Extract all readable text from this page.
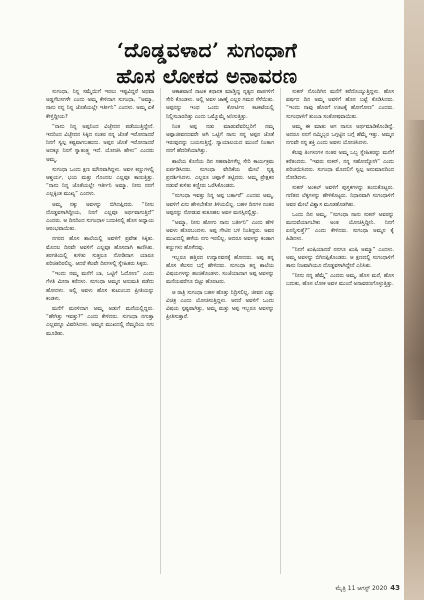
‘ದೊಡ್ಡವಳಾದ’ ಸುಗಂಧಾಗೆ
ಹೊಸ ಲೋಕದ ಅನಾವರಣ

ಸುಗಂಧಾ, ನಿನ್ನ ಸಮ್ಮೆಯಿಗೆ ಇರಲು ಇಷ್ಟವಿದ್ದರೆ ಅಥವಾ ಅಡ್ಡಗೆಲಸಗಳೇ ಎಂದು ಅಮ್ಮ ಕೇಳಿದಾಗ ಸುಗಂಧಾ, “ಅಮ್ಮಾ, ನಾನು ನನ್ನ ನಿನ್ನ ಜೊತೆಯಲ್ಲೇ ಇರ್ತೀನಿ” ಎಂದಳು. ಅಮ್ಮ ಏಕೆ ಕೇಳ್ತಿದ್ದೀಯ?

“ನಾನು ನಿನ್ನ ಅಪ್ಪನಿಂದ ವಿಚ್ಛೇದನ ಪಡೆಯುತ್ತಿದ್ದೇನೆ. ಇದರಿಂದ ವಿಚ್ಛೇದನ ಸಿಕ್ಕಿದ ನಂತರ ನನ್ನ ಜೊತೆ ಇರೋದಾದರೆ ನಿನಗೆ ಸ್ವಲ್ಪ ಕಷ್ಟವಾಗಬಹುದು. ಅಪ್ಪನ ಜೊತೆ ಇರೋದಾದರೆ ಅದಕ್ಕೂ ನಿನಗೆ ಸ್ವಾತಂತ್ರ್ಯ ಇದೆ. ಯೋಚಿಸಿ ಹೇಳು” ಎಂದರು ಅಮ್ಮ.

ಸುಗಂಧಾ ಒಂದು ಕ್ಷಣ ಮೌನವಾಗಿದ್ದಳು. ಅವಳ ಕಣ್ಣುಗಳಲ್ಲಿ ಆಶ್ಚರ್ಯ, ಭಯ ಮತ್ತು ಗೊಂದಲ ಎಲ್ಲವೂ ಕಾಣುತ್ತಿತ್ತು. “ನಾನು ನಿನ್ನ ಜೊತೆಯಲ್ಲೇ ಇರ್ತೀನಿ ಅಮ್ಮಾ. ನೀನು ನನಗೆ ಎಲ್ಲಕ್ಕಿಂತ ಮುಖ್ಯ” ಎಂದಳು.

ಅಮ್ಮ ನಕ್ಕು ಅವಳನ್ನು ಬಿಗಿದಪ್ಪಿದರು. “ನೀನು ದೊಡ್ಡವಳಾಗಿದ್ದೀಯ, ನಿನಗೆ ಎಲ್ಲವೂ ಅರ್ಥವಾಗುತ್ತಿದೆ” ಎಂದರು. ಆ ದಿನದಿಂದ ಸುಗಂಧಾಳ ಬದುಕಿನಲ್ಲಿ ಹೊಸ ಅಧ್ಯಾಯ ಆರಂಭವಾಯಿತು.

ನಗರದ ಹೊಸ ಶಾಲೆಯಲ್ಲಿ ಅವಳಿಗೆ ಪ್ರವೇಶ ಸಿಕ್ಕಿತು. ಮೊದಲ ದಿನವೇ ಅವಳಿಗೆ ಎಲ್ಲವೂ ಹೊಸದಾಗಿ ಕಾಣಿಸಿತು. ತರಗತಿಯಲ್ಲಿ ಕುಳಿತು ಸುತ್ತಲೂ ನೋಡಿದಾಗ ಯಾರೂ ಪರಿಚಿತರಿರಲಿಲ್ಲ. ಆದರೆ ಕೆಲವೇ ದಿನಗಳಲ್ಲಿ ಸ್ನೇಹಿತರು ಸಿಕ್ಕರು.

“ಇಂದು ನಮ್ಮ ಮನೆಗೆ ಬಾ, ಒಟ್ಟಿಗೆ ಓದೋಣ” ಎಂದು ಗೆಳತಿ ಮೀನಾ ಕರೆದಳು. ಸುಗಂಧಾ ಅಮ್ಮನ ಅನುಮತಿ ಪಡೆದು ಹೋದಳು. ಅಲ್ಲಿ ಅವಳು ಹೊಸ ಕುಟುಂಬದ ಪ್ರೀತಿಯನ್ನು ಕಂಡಳು.

ಮನೆಗೆ ಮರಳಿದಾಗ ಅಮ್ಮ ಅಡುಗೆ ಮನೆಯಲ್ಲಿದ್ದರು. “ಹೇಗಿತ್ತು ಇವತ್ತು?” ಎಂದು ಕೇಳಿದರು. ಸುಗಂಧಾ ನಗುತ್ತಾ ಎಲ್ಲವನ್ನೂ ವಿವರಿಸಿದಳು. ಅಮ್ಮನ ಮುಖದಲ್ಲಿ ನೆಮ್ಮದಿಯ ನಗು ಮೂಡಿತು.

ಆಕಾಶವಾಣಿ ನಾಟಕ ಕಥಾನಕ ಮಾಡ್ತಿದ್ದ ನೃತ್ಯದ ಪಾಠಗಳಿಗೆ ಸೇರಿ ಕೊಂಡಳು. ಅಲ್ಲಿ ಅವಳ ಜಾಣ್ಮೆ ಎಲ್ಲರ ಗಮನ ಸೆಳೆಯಿತು. ಅಪ್ಪನನ್ನು ಇಂಥ ಒಂದು ಕೋರ್ಟಿನ ಕಟಕಟೆಯಲ್ಲಿ ನಿಲ್ಲಿಸಬಾರದಿತ್ತು ಎಂದು ಒಮ್ಮೊಮ್ಮೆ ಅನಿಸುತ್ತಿತ್ತು.

ನಿಂತ ಅಪ್ಪ ನಡು ಮಾಡುವೆವರಿಬ್ಬರಿಗೆ ನಮ್ಮ ಅಪ್ಪಾಜೀವನದವರೇ ಆಗಿ ಒಟ್ಟಿಗೆ ನಾನು ನನ್ನ ಅಪ್ಪನ ಜೊತೆ ಇರುವುದನ್ನು ಬಯಸುತ್ತಿದ್ದೆ. ನ್ಯಾಯಾಲಯದ ಮುಂದೆ ನಿಂತಾಗ ನನಗೆ ಹೆದರಿಕೆಯಾಗಿತ್ತು.

ಶಾಲೆಯ ಕೊನೆಯ ದಿನ ಸಹಪಾಠಿಗಳೆಲ್ಲ ಸೇರಿ ಕಾರ್ಯಕ್ರಮ ಏರ್ಪಡಿಸಿದರು. ಸುಗಂಧಾ ವೇದಿಕೆಯ ಮೇಲೆ ನೃತ್ಯ ಪ್ರದರ್ಶಿಸಿದಳು. ಎಲ್ಲರೂ ಚಪ್ಪಾಳೆ ತಟ್ಟಿದರು. ಅಮ್ಮ ಪ್ರೇಕ್ಷಕರ ನಡುವೆ ಕುಳಿತು ಕಣ್ಣೀರು ಒರೆಸಿಕೊಂಡರು.

“ಸುಗಂಧಾ ಇವತ್ತು ನಿನ್ನ ಅಪ್ಪ ಬರ್ತಾರೆ” ಎಂದರು ಅಮ್ಮ. ಅವಳಿಗೆ ಏನು ಹೇಳಬೇಕೋ ತಿಳಿಯಲಿಲ್ಲ. ಬಹಳ ದಿನಗಳ ನಂತರ ಅಪ್ಪನನ್ನು ನೋಡುವ ಕುತೂಹಲ ಅವಳ ಮನಸ್ಸಿನಲ್ಲಿತ್ತು.

“ಅಮ್ಮಾ, ನೀನು ಹೋಗು ನಾನು ಬರ್ತೀನಿ” ಎಂದು ಹೇಳಿ ಅವಳು ಹೊರಬಂದಳು. ಅಪ್ಪ ಗೇಟಿನ ಬಳಿ ನಿಂತಿದ್ದರು. ಅವರ ಮುಖದಲ್ಲಿ ಹಳೆಯ ನಗು ಇರಲಿಲ್ಲ. ಆದರೂ ಅವಳನ್ನು ಕಂಡಾಗ ಕಣ್ಣುಗಳು ಹೊಳೆದವು.

ಇಬ್ಬರೂ ಹತ್ತಿರದ ಉದ್ಯಾನವನಕ್ಕೆ ಹೋದರು. ಅಪ್ಪ ತನ್ನ ಹೊಸ ಕೆಲಸದ ಬಗ್ಗೆ ಹೇಳಿದರು. ಸುಗಂಧಾ ತನ್ನ ಶಾಲೆಯ ವಿಷಯಗಳನ್ನು ಹಂಚಿಕೊಂಡಳು. ಸಂಜೆಯಾದಾಗ ಅಪ್ಪ ಅವಳನ್ನು ಮನೆಯವರೆಗೂ ಬಿಟ್ಟು ಹೊರಟರು.

ಆ ರಾತ್ರಿ ಸುಗಂಧಾ ಬಹಳ ಹೊತ್ತು ನಿದ್ರಿಸಲಿಲ್ಲ. ಜೀವನ ಎಷ್ಟು ವಿಚಿತ್ರ ಎಂದು ಯೋಚಿಸುತ್ತಿದ್ದಳು. ಆದರೆ ಅವಳಿಗೆ ಒಂದು ವಿಷಯ ಸ್ಪಷ್ಟವಾಗಿತ್ತು, ಅಮ್ಮ ಮತ್ತು ಅಪ್ಪ ಇಬ್ಬರೂ ಅವಳನ್ನು ಪ್ರೀತಿಸುತ್ತಾರೆ.

ಸುಕನ್ ನೊಂದಿಗಿನ ಮನೆಗೆ ಕರೆದೊಯ್ಯುತ್ತಿದ್ದಳು. ಹೊಸ ವರ್ಷದ ದಿನ ಅಮ್ಮ ಅವಳಿಗೆ ಹೊಸ ಬಟ್ಟೆ ಕೊಡಿಸಿದರು. “ಇಂದು ನಾವು ಹೊರಗೆ ಊಟಕ್ಕೆ ಹೋಗೋಣ” ಎಂದರು. ಸುಗಂಧಾಳಿಗೆ ತುಂಬಾ ಸಂತೋಷವಾಯಿತು.

ಅಮ್ಮ ಈ ಮಾತು ಆಗ ನಾನೂ ಅರ್ಥಮಾಡಿಕೊಂಡಿದ್ದೆ. ಅದರೂ ನನಗೆ ನಮ್ಮಿಬ್ಬರ ಒಗ್ಗಟ್ಟಿನ ಬಗ್ಗೆ ಹೆಮ್ಮೆ ಇತ್ತು. ಅಮ್ಮನ ನಗುವೇ ನನ್ನ ಶಕ್ತಿ ಎಂದು ಅವಳು ಯೋಚಿಸಿದಳು.

ಕೆಲವು ತಿಂಗಳುಗಳ ನಂತರ ಅಮ್ಮ ಒಬ್ಬ ಸ್ನೇಹಿತರನ್ನು ಮನೆಗೆ ಕರೆತಂದರು. “ಇವರು ಸುಕನ್, ನನ್ನ ಸಹೋದ್ಯೋಗಿ” ಎಂದು ಪರಿಚಯಿಸಿದರು. ಸುಗಂಧಾ ಮೊದಲಿಗೆ ಸ್ವಲ್ಪ ಅನುಮಾನದಿಂದ ನೋಡಿದಳು.

ಸುಕನ್ ಅಂಕಲ್ ಅವಳಿಗೆ ಪುಸ್ತಕಗಳನ್ನು ತಂದುಕೊಟ್ಟರು. ಗಣಿತದ ಲೆಕ್ಕಗಳನ್ನು ಹೇಳಿಕೊಟ್ಟರು. ನಿಧಾನವಾಗಿ ಸುಗಂಧಾಳಿಗೆ ಅವರ ಮೇಲೆ ವಿಶ್ವಾಸ ಮೂಡತೊಡಗಿತು.

ಒಂದು ದಿನ ಅಮ್ಮ, “ಸುಗಂಧಾ ನಾನು ಸುಕನ್ ಅವರನ್ನು ಮದುವೆಯಾಗಬೇಕು ಅಂತ ಯೋಚಿಸ್ತಿದ್ದೀನಿ. ನಿನಗೆ ಏನನ್ನಿಸುತ್ತೆ?” ಎಂದು ಕೇಳಿದರು. ಸುಗಂಧಾ ಅಮ್ಮನ ಕೈ ಹಿಡಿದಳು.

“ನಿನಗೆ ಖುಷಿಯಾದರೆ ನನಗೂ ಖುಷಿ ಅಮ್ಮಾ” ಎಂದಳು. ಅಮ್ಮ ಅವಳನ್ನು ಬಿಗಿದಪ್ಪಿಕೊಂಡರು. ಆ ಕ್ಷಣದಲ್ಲಿ ಸುಗಂಧಾಳಿಗೆ ತಾನು ನಿಜವಾಗಿಯೂ ದೊಡ್ಡವಳಾಗಿದ್ದೇನೆ ಎನಿಸಿತು.

“ನೀನು ನನ್ನ ಹೆಮ್ಮೆ” ಎಂದರು ಅಮ್ಮ. ಹೊಸ ಮನೆ, ಹೊಸ ಬದುಕು, ಹೊಸ ಲೋಕ ಅವಳ ಮುಂದೆ ಅನಾವರಣಗೊಳ್ಳುತ್ತಿತ್ತು.

ಮೈತ್ರಿ 11 ಆಗಸ್ಟ್ 2020 43
